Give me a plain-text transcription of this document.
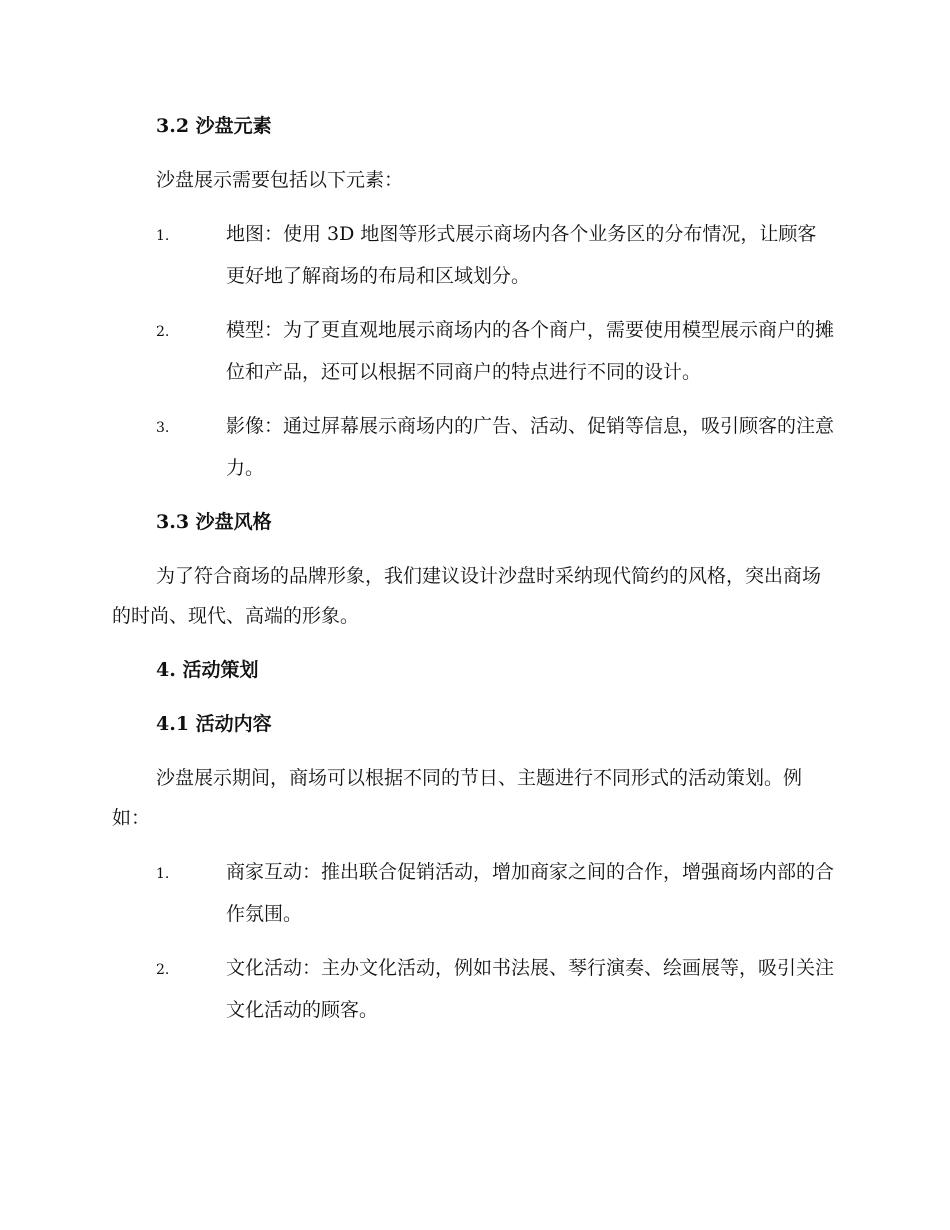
3.2 沙盘元素
沙盘展示需要包括以下元素：
1.	地图：使用 3D 地图等形式展示商场内各个业务区的分布情况，让顾客更好地了解商场的布局和区域划分。
2.	模型：为了更直观地展示商场内的各个商户，需要使用模型展示商户的摊位和产品，还可以根据不同商户的特点进行不同的设计。
3.	影像：通过屏幕展示商场内的广告、活动、促销等信息，吸引顾客的注意力。
3.3 沙盘风格
为了符合商场的品牌形象，我们建议设计沙盘时采纳现代简约的风格，突出商场的时尚、现代、高端的形象。
4. 活动策划
4.1 活动内容
沙盘展示期间，商场可以根据不同的节日、主题进行不同形式的活动策划。例如：
1.	商家互动：推出联合促销活动，增加商家之间的合作，增强商场内部的合作氛围。
2.	文化活动：主办文化活动，例如书法展、琴行演奏、绘画展等，吸引关注文化活动的顾客。
